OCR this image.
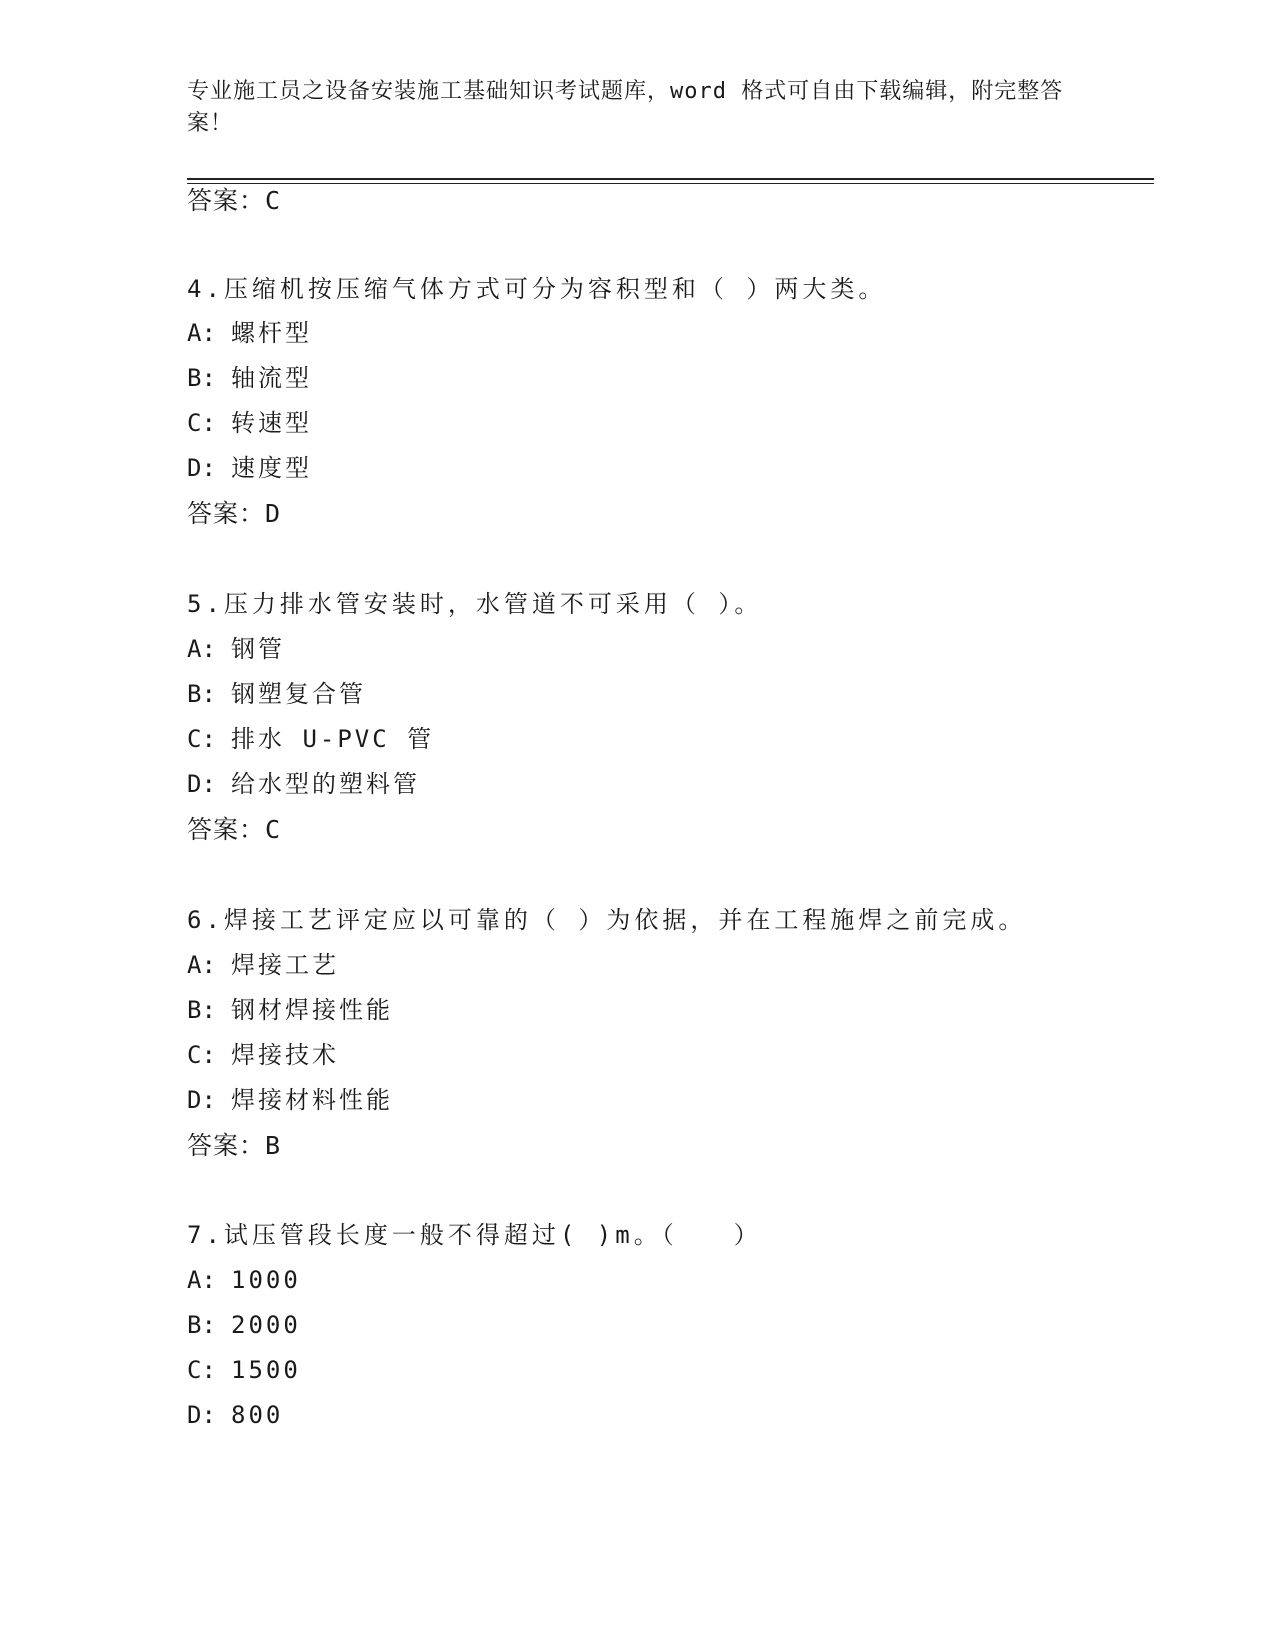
专业施工员之设备安装施工基础知识考试题库，word 格式可自由下载编辑，附完整答案！
答案：C
4.压缩机按压缩气体方式可分为容积型和（ ）两大类。
A: 螺杆型
B: 轴流型
C: 转速型
D: 速度型
答案：D
5.压力排水管安装时，水管道不可采用（ ）。
A: 钢管
B: 钢塑复合管
C: 排水 U-PVC 管
D: 给水型的塑料管
答案：C
6.焊接工艺评定应以可靠的（ ）为依据，并在工程施焊之前完成。
A: 焊接工艺
B: 钢材焊接性能
C: 焊接技术
D: 焊接材料性能
答案：B
7.试压管段长度一般不得超过( )m。（　　）
A: 1000
B: 2000
C: 1500
D: 800
